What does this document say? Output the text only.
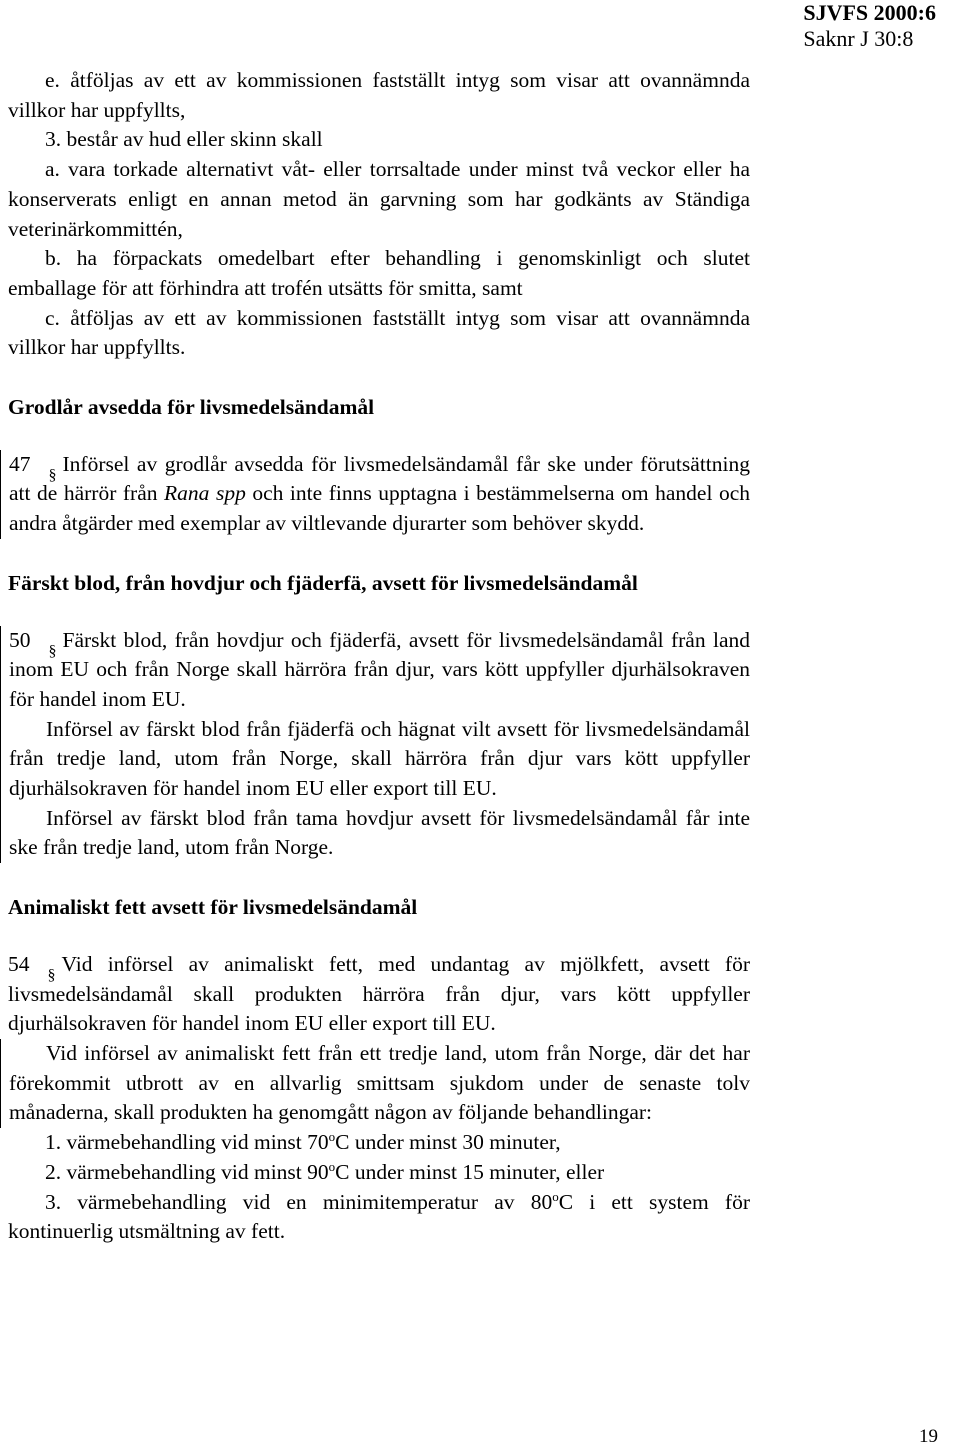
SJVFS 2000:6
Saknr J 30:8

e. åtföljas av ett av kommissionen fastställt intyg som visar att ovannämnda villkor har uppfyllts,

3. består av hud eller skinn skall

a. vara torkade alternativt våt- eller torrsaltade under minst två veckor eller ha konserverats enligt en annan metod än garvning som har godkänts av Ständiga veterinärkommittén,

b. ha förpackats omedelbart efter behandling i genomskinligt och slutet emballage för att förhindra att trofén utsätts för smitta, samt

c. åtföljas av ett av kommissionen fastställt intyg som visar att ovannämnda villkor har uppfyllts.

Grodlår avsedda för livsmedelsändamål

47 Införsel av grodlår avsedda för livsmedelsändamål får ske under förutsättning att de härrör från Rana spp och inte finns upptagna i bestämmelserna om handel och andra åtgärder med exemplar av viltlevande djurarter som behöver skydd.

Färskt blod, från hovdjur och fjäderfä, avsett för livsmedelsändamål

50 Färskt blod, från hovdjur och fjäderfä, avsett för livsmedelsändamål från land inom EU och från Norge skall härröra från djur, vars kött uppfyller djurhälsokraven för handel inom EU.

Införsel av färskt blod från fjäderfä och hägnat vilt avsett för livsmedelsändamål från tredje land, utom från Norge, skall härröra från djur vars kött uppfyller djurhälsokraven för handel inom EU eller export till EU.

Införsel av färskt blod från tama hovdjur avsett för livsmedelsändamål får inte ske från tredje land, utom från Norge.

Animaliskt fett avsett för livsmedelsändamål

54 Vid införsel av animaliskt fett, med undantag av mjölkfett, avsett för livsmedelsändamål skall produkten härröra från djur, vars kött uppfyller djurhälsokraven för handel inom EU eller export till EU.

Vid införsel av animaliskt fett från ett tredje land, utom från Norge, där det har förekommit utbrott av en allvarlig smittsam sjukdom under de senaste tolv månaderna, skall produkten ha genomgått någon av följande behandlingar:

1. värmebehandling vid minst 70$^o$C under minst 30 minuter,

2. värmebehandling vid minst 90$^o$C under minst 15 minuter, eller

3. värmebehandling vid en minimitemperatur av 80$^o$C i ett system för kontinuerlig utsmältning av fett.

19
